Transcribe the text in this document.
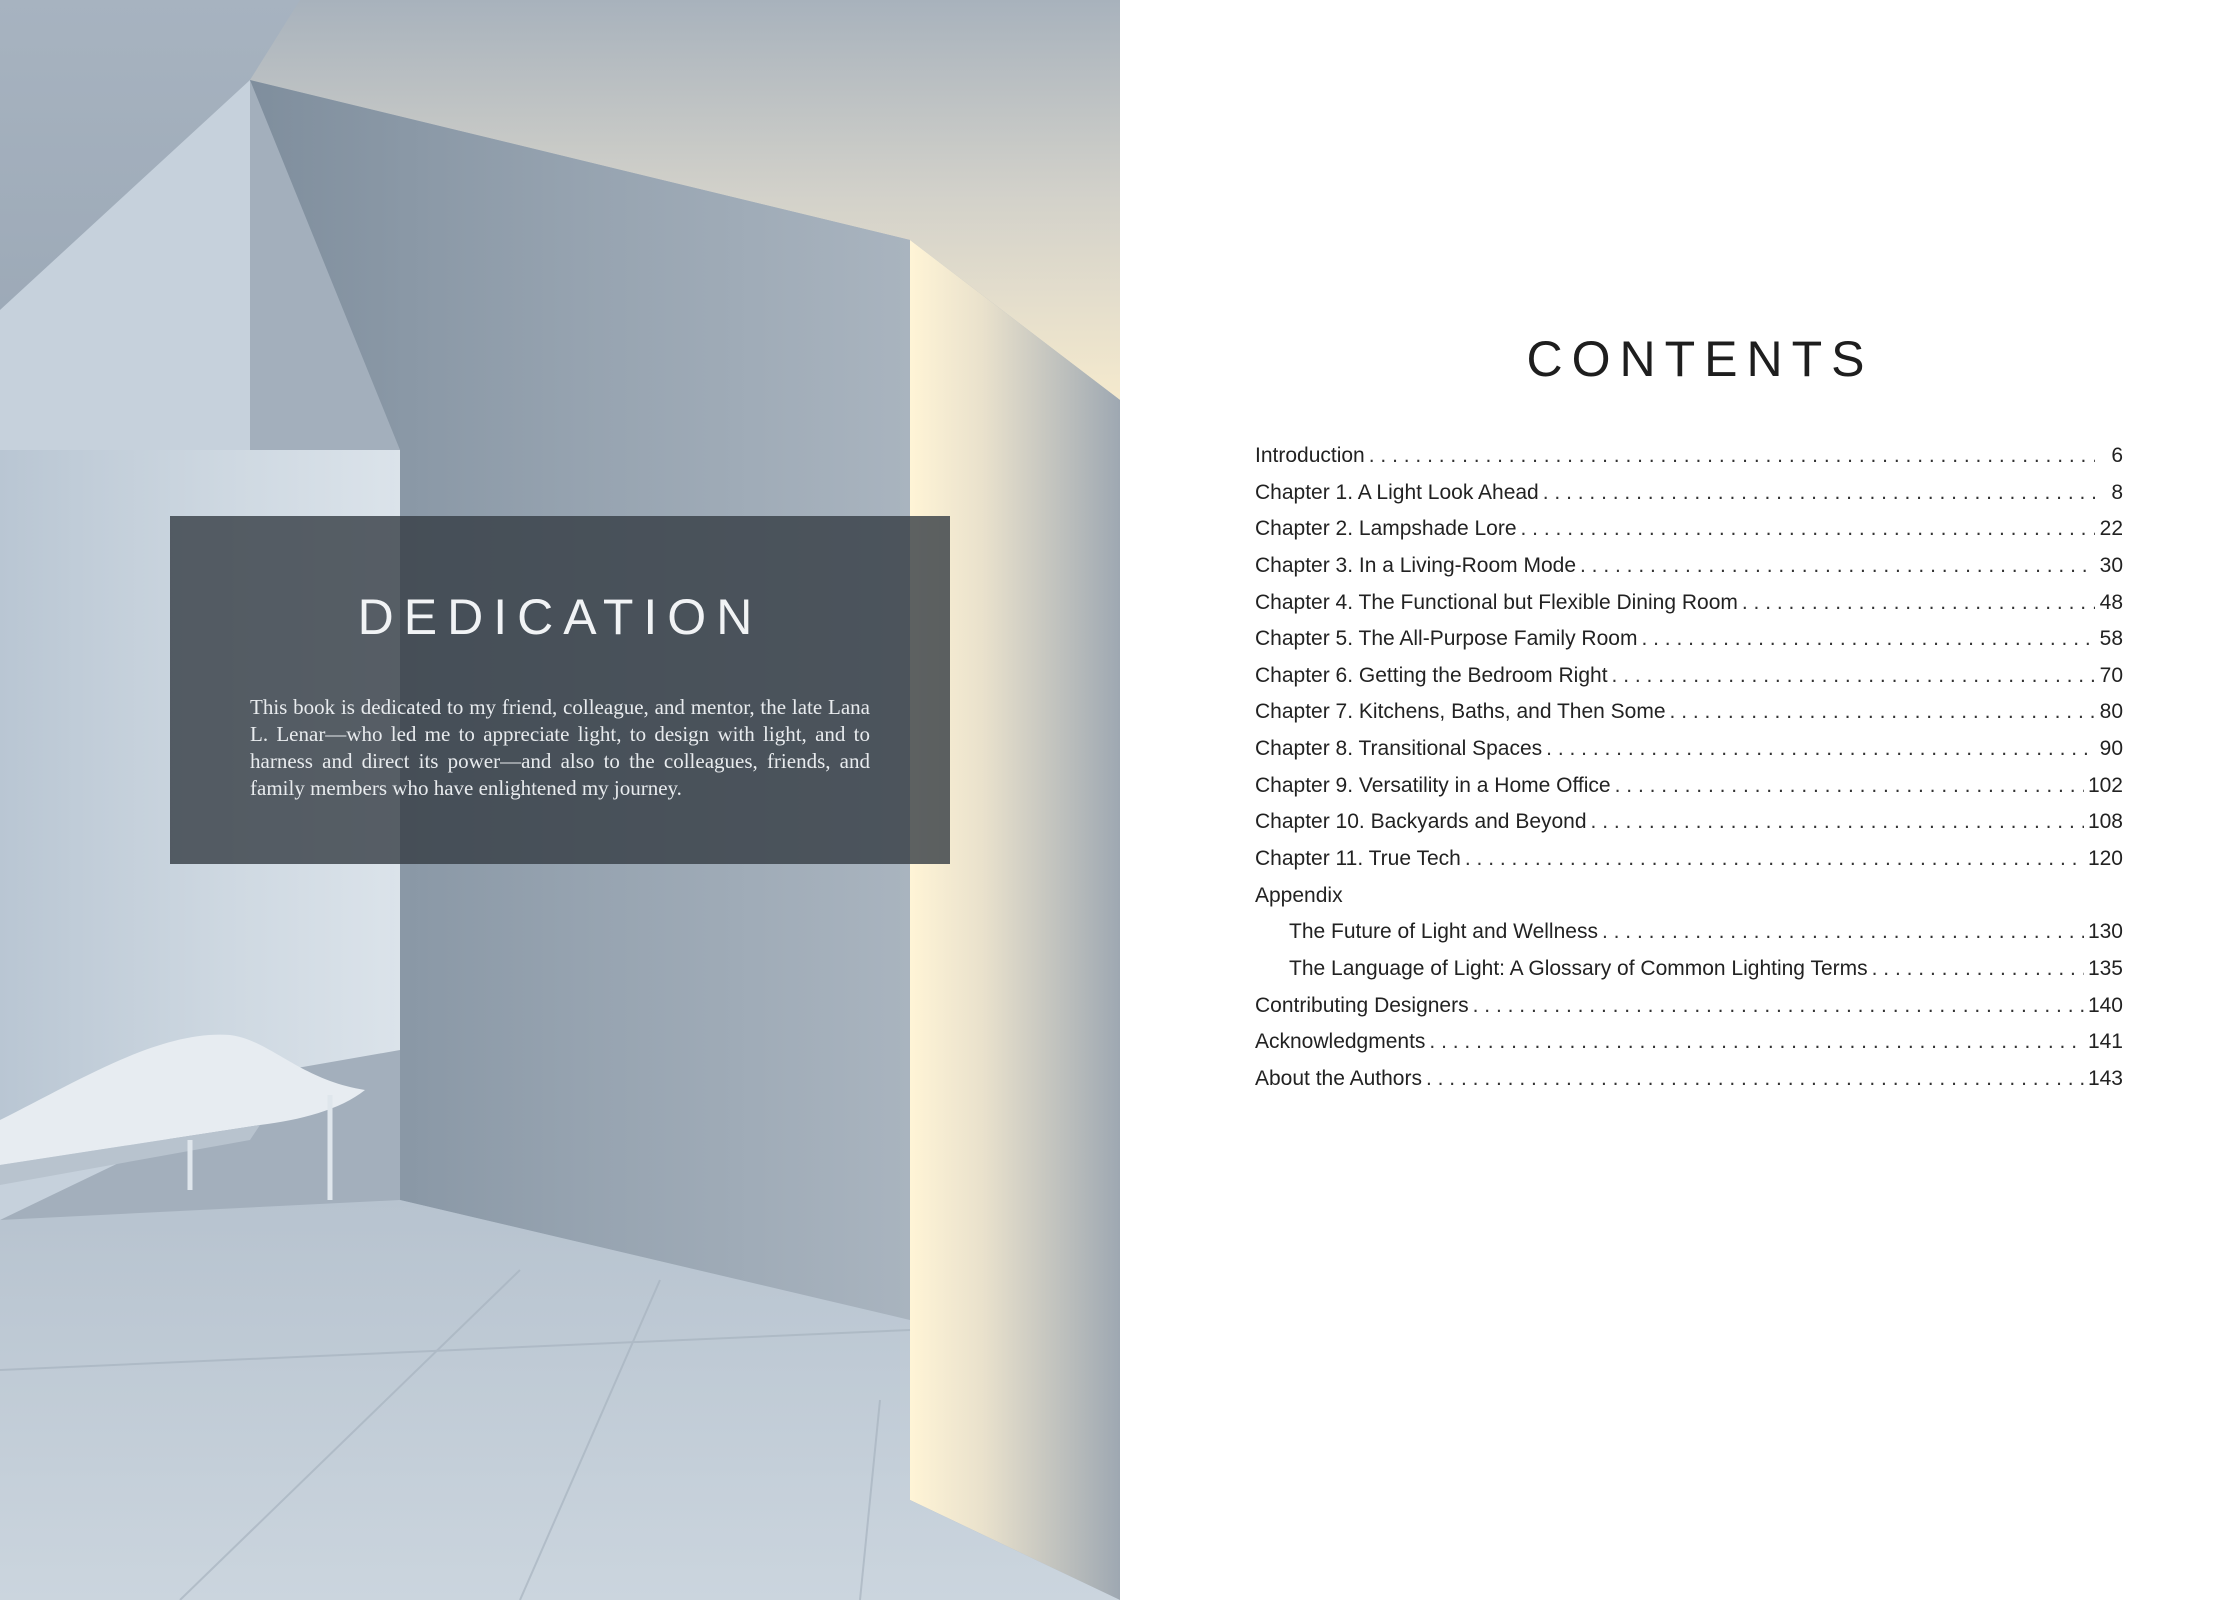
DEDICATION

This book is dedicated to my friend, colleague, and mentor, the late Lana L. Lenar—who led me to appreciate light, to design with light, and to harness and direct its power—and also to the colleagues, friends, and family members who have enlightened my journey.

CONTENTS
Introduction . . .	6
Chapter 1. A Light Look Ahead . . .	8
Chapter 2. Lampshade Lore . . .	22
Chapter 3. In a Living-Room Mode . . .	30
Chapter 4. The Functional but Flexible Dining Room . . .	48
Chapter 5. The All-Purpose Family Room . . .	58
Chapter 6. Getting the Bedroom Right . . .	70
Chapter 7. Kitchens, Baths, and Then Some . . .	80
Chapter 8. Transitional Spaces . . .	90
Chapter 9. Versatility in a Home Office . . .	102
Chapter 10. Backyards and Beyond . . .	108
Chapter 11. True Tech . . .	120
Appendix
The Future of Light and Wellness . . .	130
The Language of Light: A Glossary of Common Lighting Terms . . .	135
Contributing Designers . . .	140
Acknowledgments . . .	141
About the Authors . . .	143
